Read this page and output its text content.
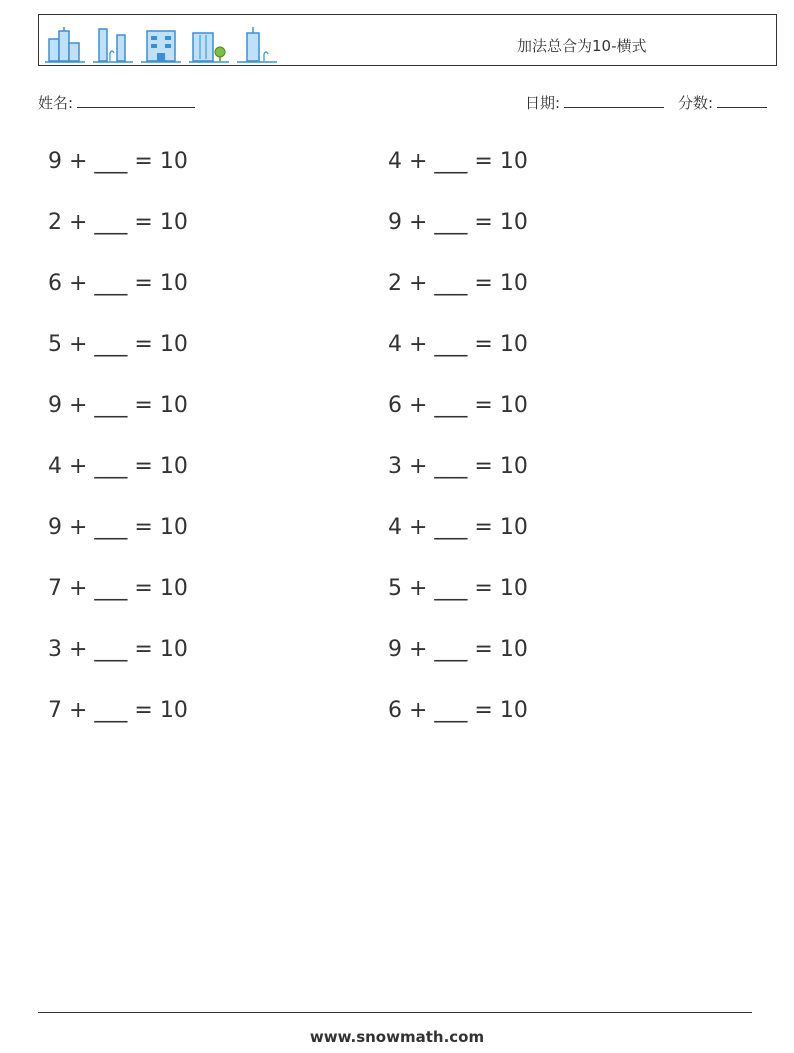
加法总合为10-横式
姓名:	日期:	分数:
9 + ___ = 10
2 + ___ = 10
6 + ___ = 10
5 + ___ = 10
9 + ___ = 10
4 + ___ = 10
9 + ___ = 10
7 + ___ = 10
3 + ___ = 10
7 + ___ = 10
4 + ___ = 10
9 + ___ = 10
2 + ___ = 10
4 + ___ = 10
6 + ___ = 10
3 + ___ = 10
4 + ___ = 10
5 + ___ = 10
9 + ___ = 10
6 + ___ = 10
www.snowmath.com
